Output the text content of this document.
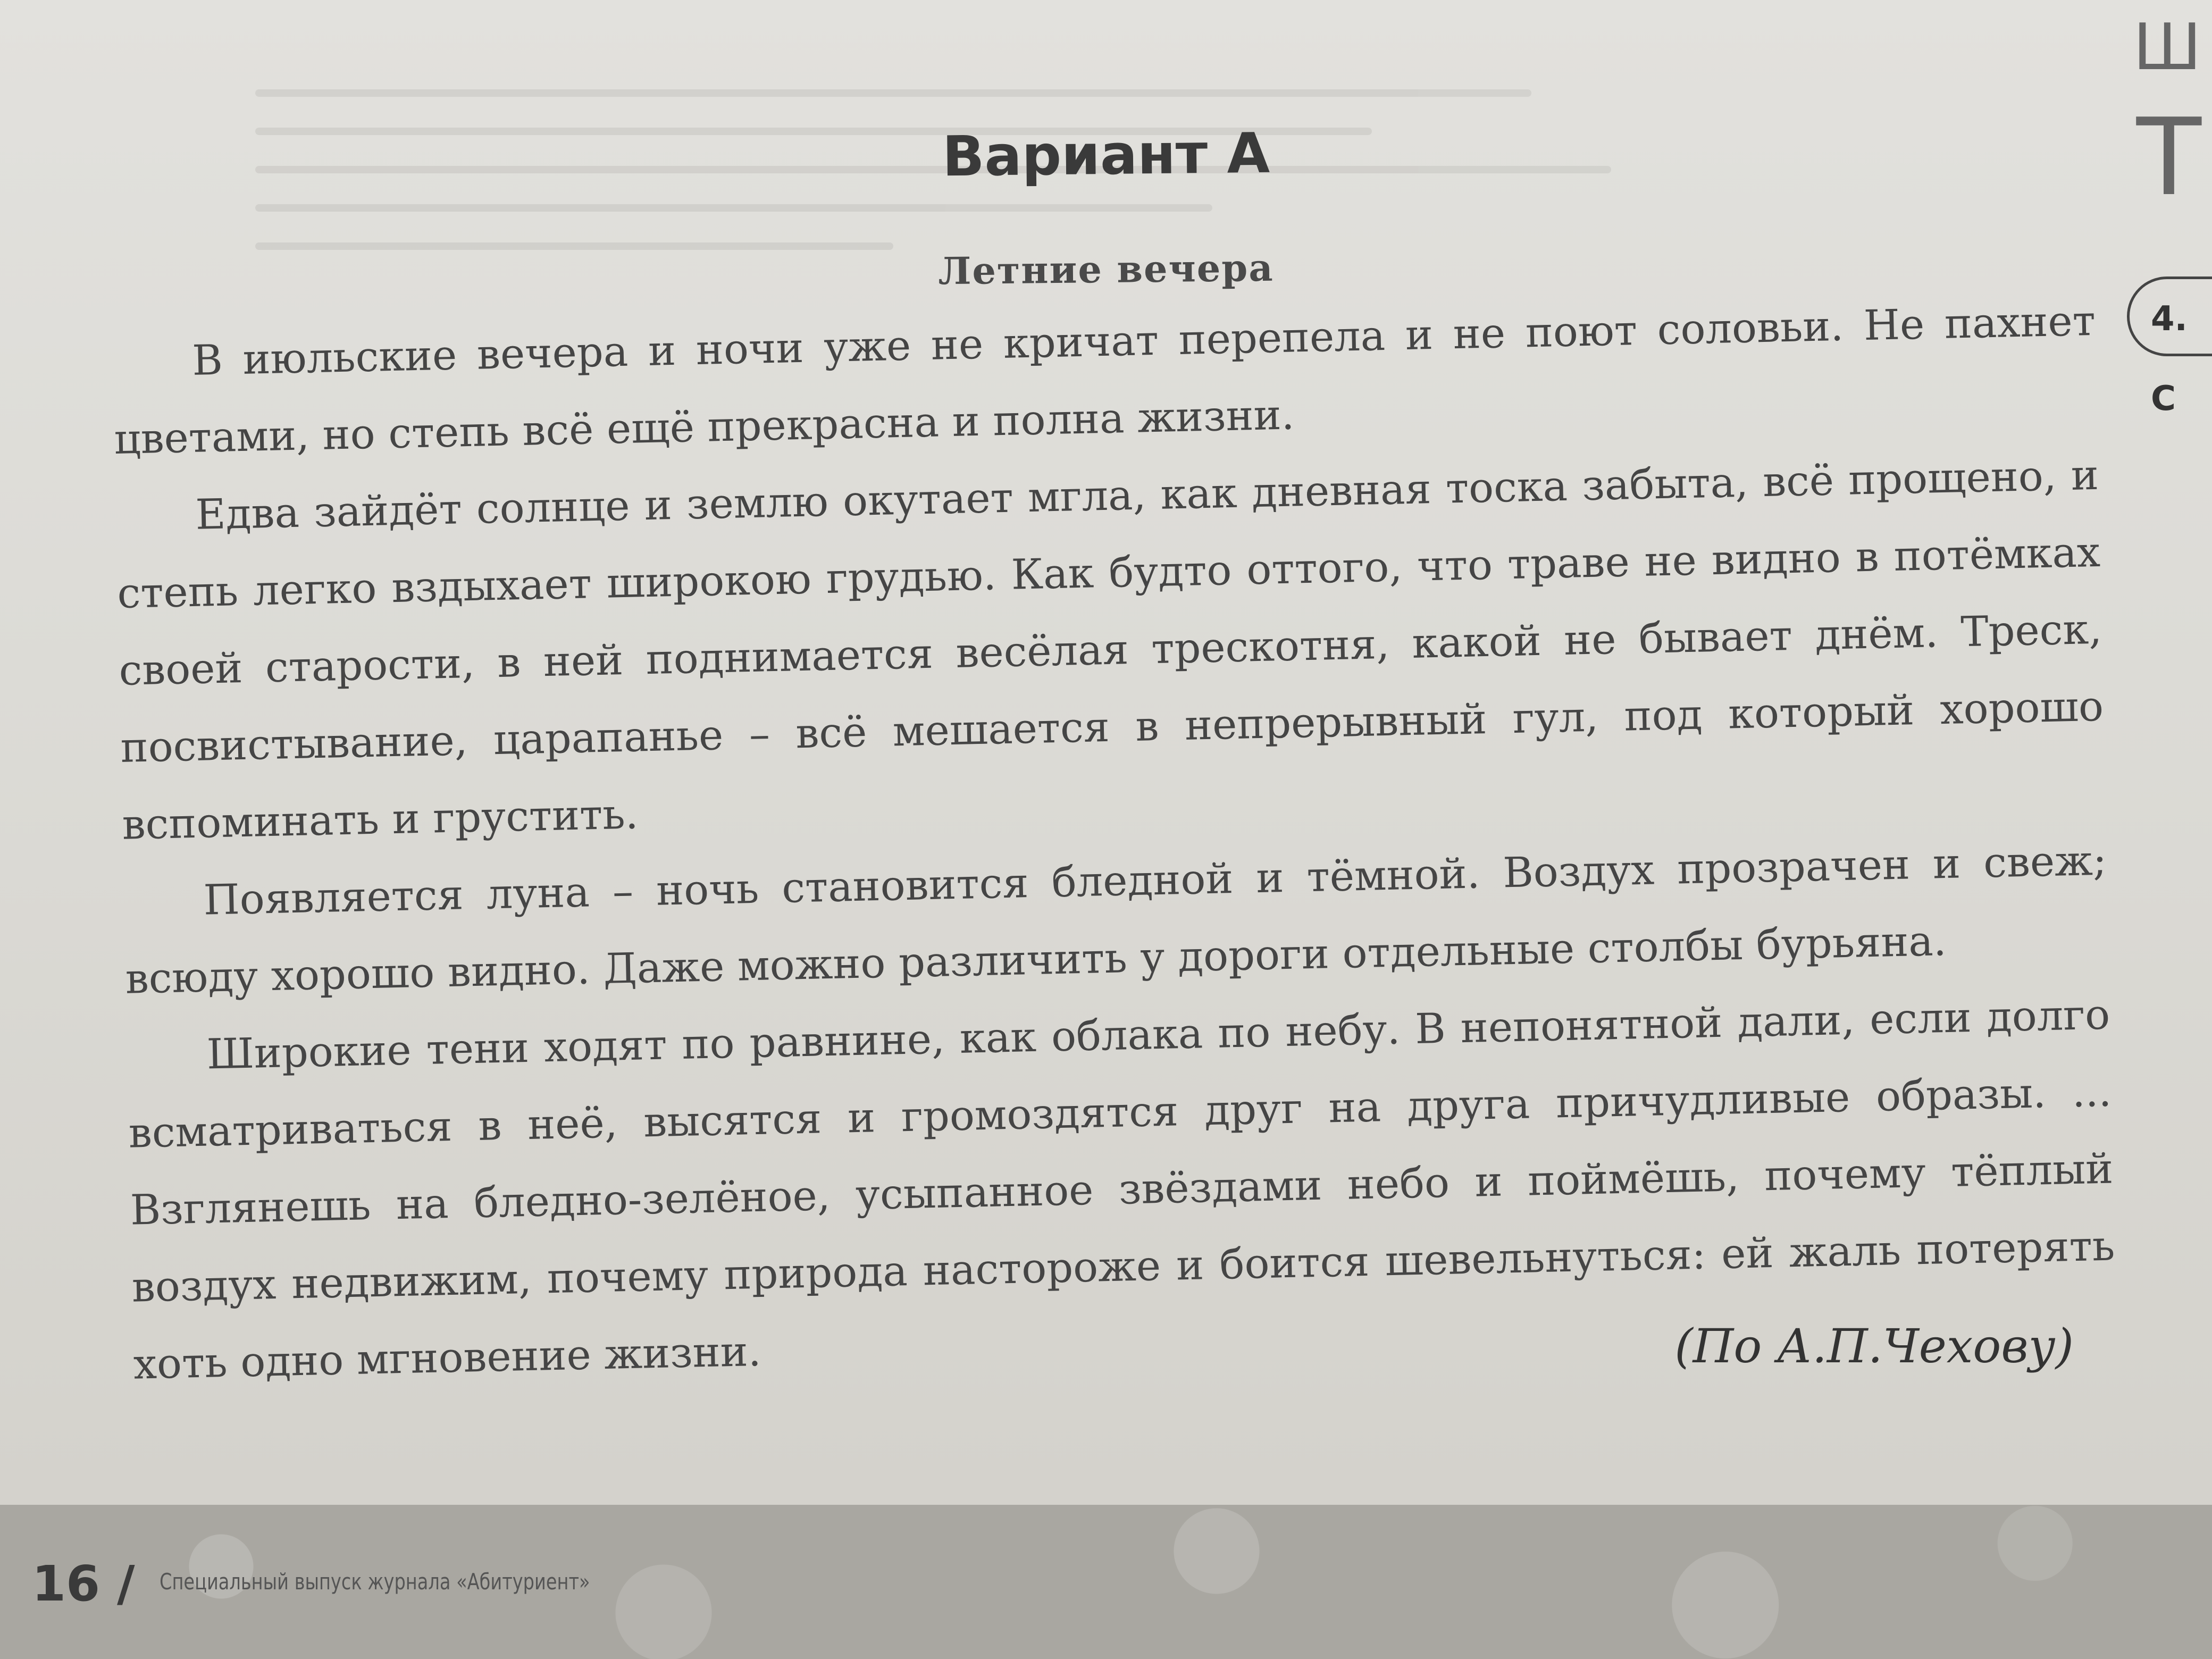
Вариант А
Летние вечера

В июльские вечера и ночи уже не кричат перепела и не поют соловьи. Не пахнет цветами, но степь всё ещё прекрасна и полна жизни.

Едва зайдёт солнце и землю окутает мгла, как дневная тоска забыта, всё прощено, и степь легко вздыхает широкою грудью. Как будто оттого, что траве не видно в потёмках своей старости, в ней поднимается весёлая трескотня, какой не бывает днём. Треск, посвистывание, царапанье – всё мешается в непрерывный гул, под который хорошо вспоминать и грустить.

Появляется луна – ночь становится бледной и тёмной. Воздух прозрачен и свеж; всюду хорошо видно. Даже можно различить у дороги отдельные столбы бурьяна.

Широкие тени ходят по равнине, как облака по небу. В непонятной дали, если долго всматриваться в неё, высятся и громоздятся друг на друга причудливые образы. ... Взглянешь на бледно-зелёное, усыпанное звёздами небо и поймёшь, почему тёплый воздух недвижим, почему природа настороже и боится шевельнуться: ей жаль потерять хоть одно мгновение жизни.	(По А.П.Чехову)
Ш
Т
4. С
16 / Специальный выпуск журнала «Абитуриент»
